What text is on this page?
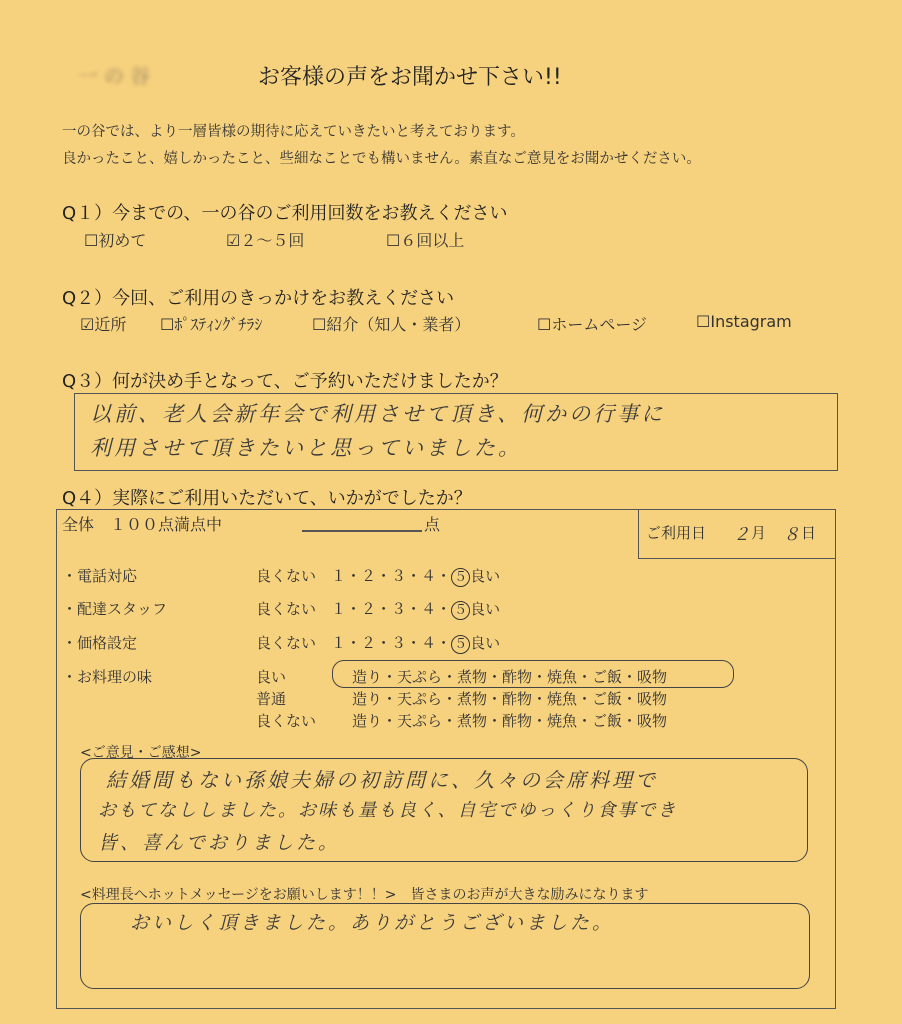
一の谷	お客様の声をお聞かせ下さい!!
一の谷では、より一層皆様の期待に応えていきたいと考えております。
良かったこと、嬉しかったこと、些細なことでも構いません。素直なご意見をお聞かせください。
Q１）今までの、一の谷のご利用回数をお教えください
☐初めて	☑２～５回	☐６回以上
Q２）今回、ご利用のきっかけをお教えください
☑近所 ☐ﾎﾟｽﾃｨﾝｸﾞﾁﾗｼ	☐紹介（知人・業者）	☐ホームページ	☐Instagram
Q３）何が決め手となって、ご予約いただけましたか？
以前、老人会新年会で利用させて頂き、何かの行事に
利用させて頂きたいと思っていました。
Q４）実際にご利用いただいて、いかがでしたか？
全体　１００点満点中	点	ご利用日 ２ 月 ８ 日
・電話対応	良くない　１・２・３・４・ ５ 良い
・配達スタッフ	良くない　１・２・３・４・ ５ 良い
・価格設定	良くない　１・２・３・４・ ５ 良い
・お料理の味	良い	造り・天ぷら・煮物・酢物・焼魚・ご飯・吸物
普通	造り・天ぷら・煮物・酢物・焼魚・ご飯・吸物
良くない 造り・天ぷら・煮物・酢物・焼魚・ご飯・吸物
<ご意見・ご感想>
結婚間もない孫娘夫婦の初訪問に、久々の会席料理で
おもてなししました。お味も量も良く、自宅でゆっくり食事でき
皆、喜んでおりました。
<料理長へホットメッセージをお願いします！！>　皆さまのお声が大きな励みになります
おいしく頂きました。ありがとうございました。
